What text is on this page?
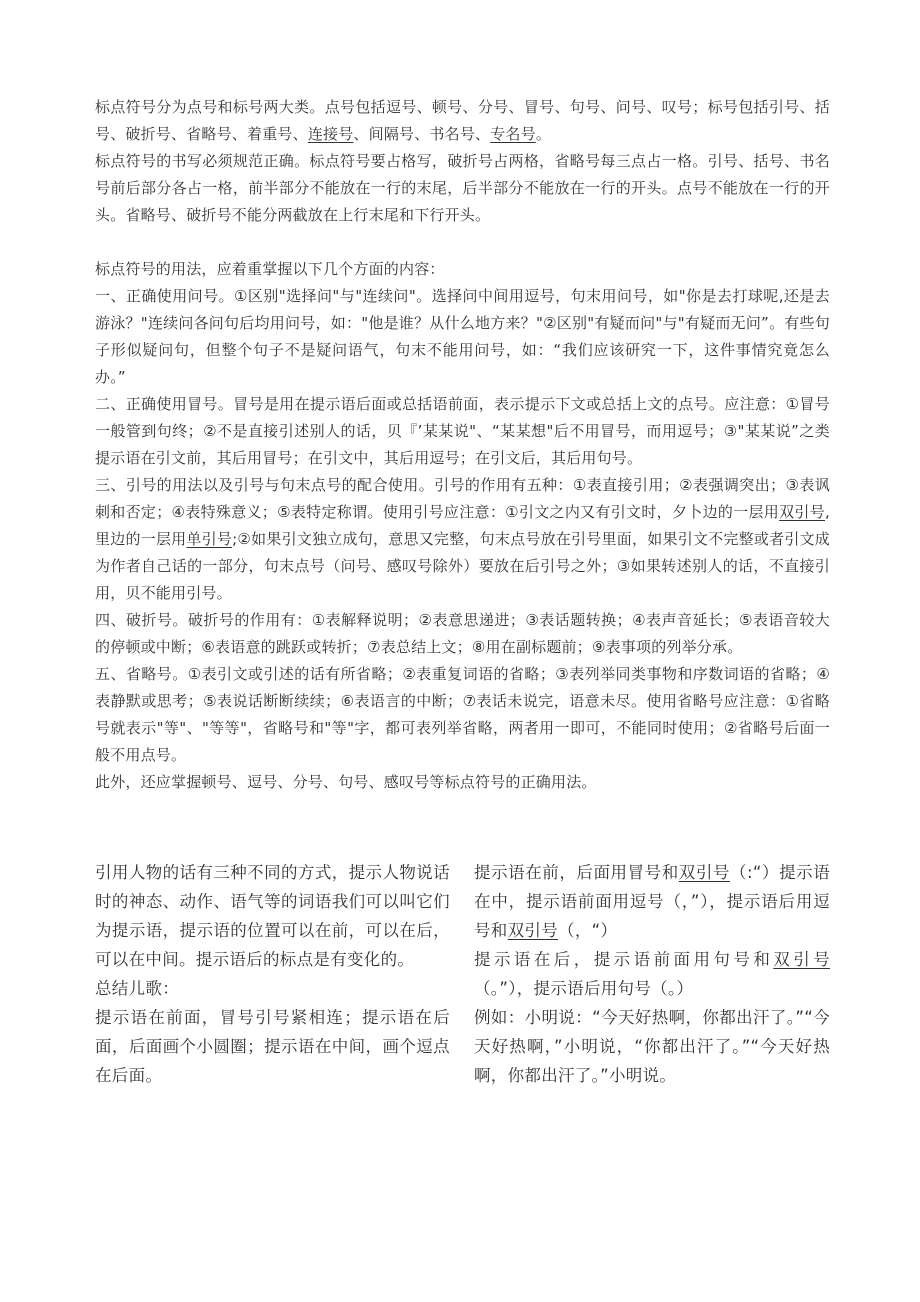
标点符号分为点号和标号两大类。点号包括逗号、顿号、分号、冒号、句号、问号、叹号；标号包括引号、括号、破折号、省略号、着重号、连接号、间隔号、书名号、专名号。

标点符号的书写必须规范正确。标点符号要占格写，破折号占两格，省略号每三点占一格。引号、括号、书名号前后部分各占一格，前半部分不能放在一行的末尾，后半部分不能放在一行的开头。点号不能放在一行的开头。省略号、破折号不能分两截放在上行末尾和下行开头。

标点符号的用法，应着重掌握以下几个方面的内容：

一、正确使用问号。①区别"选择问"与"连续问"。选择问中间用逗号，句末用问号，如"你是去打球呢,还是去游泳？"连续问各问句后均用问号，如："他是谁？从什么地方来？"②区别"有疑而问"与"有疑而无问”。有些句子形似疑问句，但整个句子不是疑问语气，句末不能用问号，如：“我们应该研究一下，这件事情究竟怎么办。”

二、正确使用冒号。冒号是用在提示语后面或总括语前面，表示提示下文或总括上文的点号。应注意：①冒号一般管到句终；②不是直接引述别人的话，贝『’某某说"、“某某想"后不用冒号，而用逗号；③"某某说”之类提示语在引文前，其后用冒号；在引文中，其后用逗号；在引文后，其后用句号。

三、引号的用法以及引号与句末点号的配合使用。引号的作用有五种：①表直接引用；②表强调突出；③表讽刺和否定；④表特殊意义；⑤表特定称谓。使用引号应注意：①引文之内又有引文时，夕卜边的一层用双引号,里边的一层用单引号;②如果引文独立成句，意思又完整，句末点号放在引号里面，如果引文不完整或者引文成为作者自己话的一部分，句末点号（问号、感叹号除外）要放在后引号之外；③如果转述别人的话，不直接引用，贝不能用引号。

四、破折号。破折号的作用有：①表解释说明；②表意思递进；③表话题转换；④表声音延长；⑤表语音较大的停顿或中断；⑥表语意的跳跃或转折；⑦表总结上文；⑧用在副标题前；⑨表事项的列举分承。

五、省略号。①表引文或引述的话有所省略；②表重复词语的省略；③表列举同类事物和序数词语的省略；④表静默或思考；⑤表说话断断续续；⑥表语言的中断；⑦表话未说完，语意未尽。使用省略号应注意：①省略号就表示"等"、"等等"，省略号和"等"字，都可表列举省略，两者用一即可，不能同时使用；②省略号后面一般不用点号。

此外，还应掌握顿号、逗号、分号、句号、感叹号等标点符号的正确用法。

引用人物的话有三种不同的方式，提示人物说话时的神态、动作、语气等的词语我们可以叫它们为提示语，提示语的位置可以在前，可以在后，可以在中间。提示语后的标点是有变化的。

总结儿歌：

提示语在前面，冒号引号紧相连；提示语在后面，后面画个小圆圈；提示语在中间，画个逗点在后面。

提示语在前，后面用冒号和双引号（:“）提示语在中，提示语前面用逗号（，”），提示语后用逗号和双引号（，“）

提示语在后，提示语前面用句号和双引号（。”），提示语后用句号（。）

例如：小明说：“今天好热啊，你都出汗了。”“今天好热啊，”小明说，“你都出汗了。”“今天好热啊，你都出汗了。”小明说。
